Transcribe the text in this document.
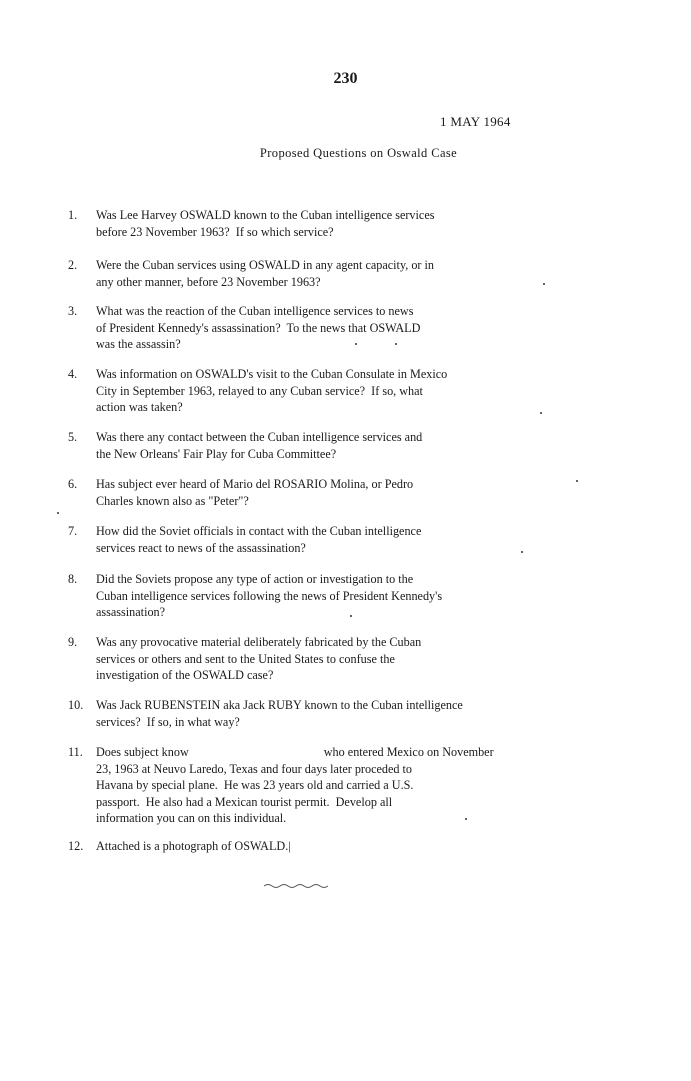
230
1 MAY 1964
Proposed Questions on Oswald Case
1.	Was Lee Harvey OSWALD known to the Cuban intelligence services
before 23 November 1963?  If so which service?
2.	Were the Cuban services using OSWALD in any agent capacity, or in
any other manner, before 23 November 1963?
3.	What was the reaction of the Cuban intelligence services to news
of President Kennedy's assassination?  To the news that OSWALD
was the assassin?
4.	Was information on OSWALD's visit to the Cuban Consulate in Mexico
City in September 1963, relayed to any Cuban service?  If so, what
action was taken?
5.	Was there any contact between the Cuban intelligence services and
the New Orleans' Fair Play for Cuba Committee?
6.	Has subject ever heard of Mario del ROSARIO Molina, or Pedro
Charles known also as "Peter"?
7.	How did the Soviet officials in contact with the Cuban intelligence
services react to news of the assassination?
8.	Did the Soviets propose any type of action or investigation to the
Cuban intelligence services following the news of President Kennedy's
assassination?
9.	Was any provocative material deliberately fabricated by the Cuban
services or others and sent to the United States to confuse the
investigation of the OSWALD case?
10.	Was Jack RUBENSTEIN aka Jack RUBY known to the Cuban intelligence
services?  If so, in what way?
11.	Does subject know	who entered Mexico on November
23, 1963 at Neuvo Laredo, Texas and four days later proceded to
Havana by special plane.  He was 23 years old and carried a U.S.
passport.  He also had a Mexican tourist permit.  Develop all
information you can on this individual.
12.	Attached is a photograph of OSWALD.|
